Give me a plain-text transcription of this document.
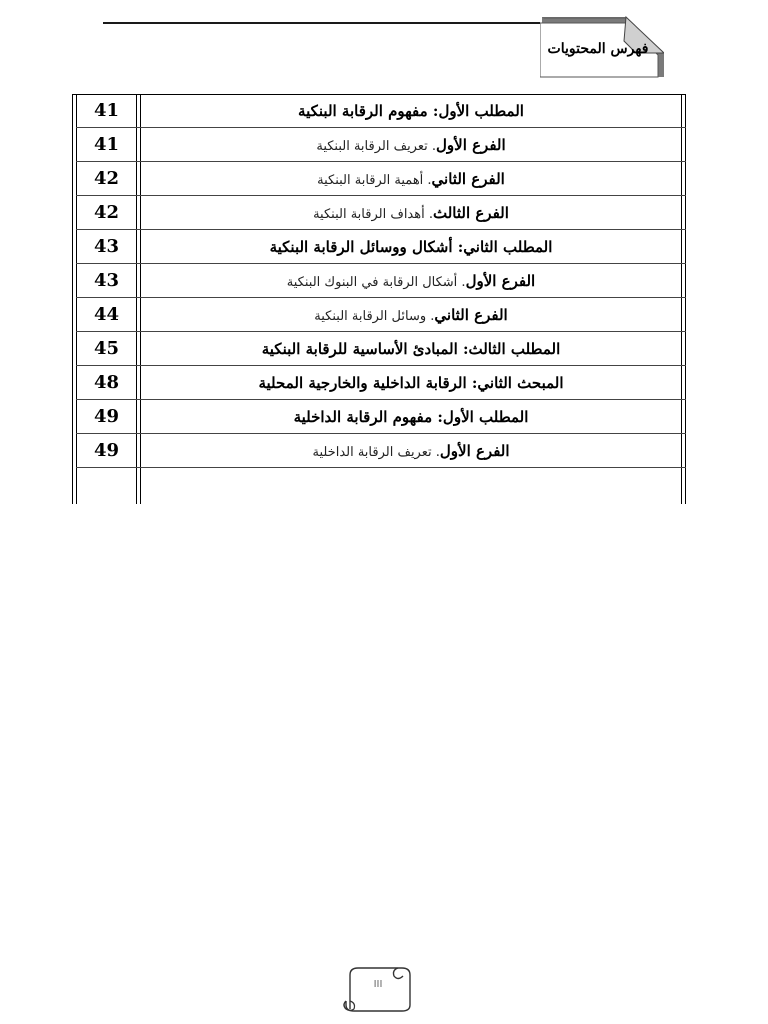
فهرس المحتويات
41	المطلب الأول: مفهوم الرقابة البنكية
41	الفرع الأول. تعريف الرقابة البنكية
42	الفرع الثاني. أهمية الرقابة البنكية
42	الفرع الثالث. أهداف الرقابة البنكية
43	المطلب الثاني: أشكال ووسائل الرقابة البنكية
43	الفرع الأول. أشكال الرقابة في البنوك البنكية
44	الفرع الثاني. وسائل الرقابة البنكية
45	المطلب الثالث: المبادئ الأساسية للرقابة البنكية
48	المبحث الثاني: الرقابة الداخلية والخارجية المحلية
49	المطلب الأول: مفهوم الرقابة الداخلية
49	الفرع الأول. تعريف الرقابة الداخلية
III
